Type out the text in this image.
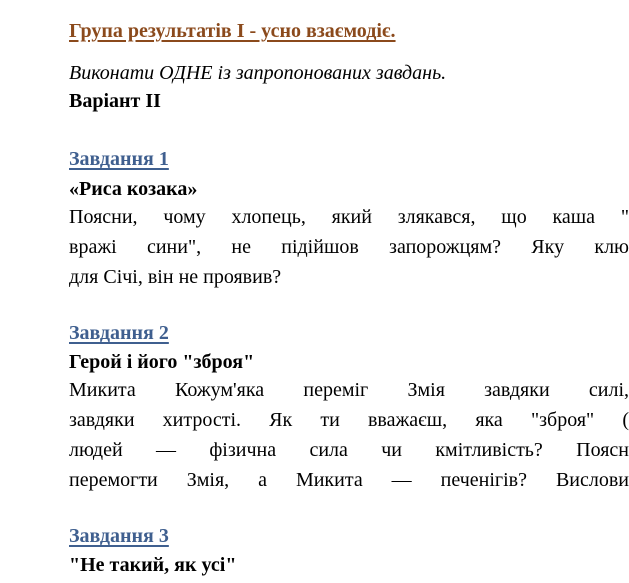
Група результатів І - усно взаємодіє.
Виконати ОДНЕ із запропонованих завдань.
Варіант ІІ
Завдання 1
«Риса козака»
Поясни, чому хлопець, який злякався, що каша "
вражі сини", не підійшов запорожцям? Яку клю
для Січі, він не проявив?
Завдання 2
Герой і його "зброя"
Микита Кожум'яка переміг Змія завдяки силі,
завдяки хитрості. Як ти вважаєш, яка "зброя" (
людей — фізична сила чи кмітливість? Поясн
перемогти Змія, а Микита — печенігів? Вислови
Завдання 3
"Не такий, як усі"
